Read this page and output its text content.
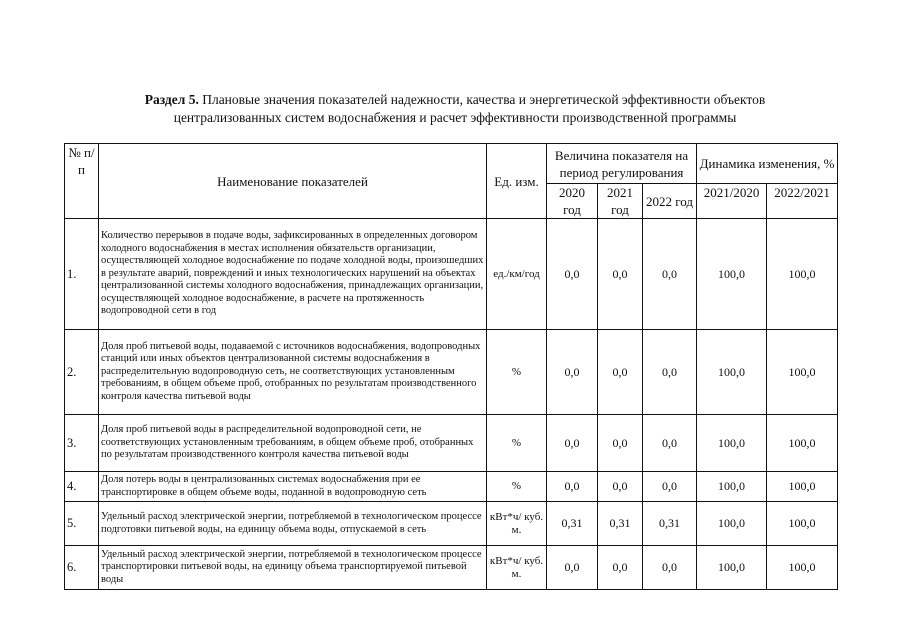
Раздел 5. Плановые значения показателей надежности, качества и энергетической эффективности объектов
централизованных систем водоснабжения и расчет эффективности производственной программы
№ п/п	Наименование показателей	Ед. изм.	Величина показателя на период регулирования			Динамика изменения, %	
			2020 год	2021 год	2022 год	2021/2020	2022/2021
1.	Количество перерывов в подаче воды, зафиксированных в определенных договором холодного водоснабжения в местах исполнения обязательств организации, осуществляющей холодное водоснабжение по подаче холодной воды, произошедших в результате аварий, повреждений и иных технологических нарушений на объектах централизованной системы холодного водоснабжения, принадлежащих организации, осуществляющей холодное водоснабжение, в расчете на протяженность водопроводной сети в год	ед./км/год	0,0	0,0	0,0	100,0	100,0
2.	Доля проб питьевой воды, подаваемой с источников водоснабжения, водопроводных станций или иных объектов централизованной системы водоснабжения в распределительную водопроводную сеть, не соответствующих установленным требованиям, в общем объеме проб, отобранных по результатам производственного контроля качества питьевой воды	%	0,0	0,0	0,0	100,0	100,0
3.	Доля проб питьевой воды в распределительной водопроводной сети, не соответствующих установленным требованиям, в общем объеме проб, отобранных по результатам производственного контроля качества питьевой воды	%	0,0	0,0	0,0	100,0	100,0
4.	Доля потерь воды в централизованных системах водоснабжения при ее транспортировке в общем объеме воды, поданной в водопроводную сеть	%	0,0	0,0	0,0	100,0	100,0
5.	Удельный расход электрической энергии, потребляемой в технологическом процессе подготовки питьевой воды, на единицу объема воды, отпускаемой в сеть	кВт*ч/ куб. м.	0,31	0,31	0,31	100,0	100,0
6.	Удельный расход электрической энергии, потребляемой в технологическом процессе транспортировки питьевой воды, на единицу объема транспортируемой питьевой воды	кВт*ч/ куб. м.	0,0	0,0	0,0	100,0	100,0
